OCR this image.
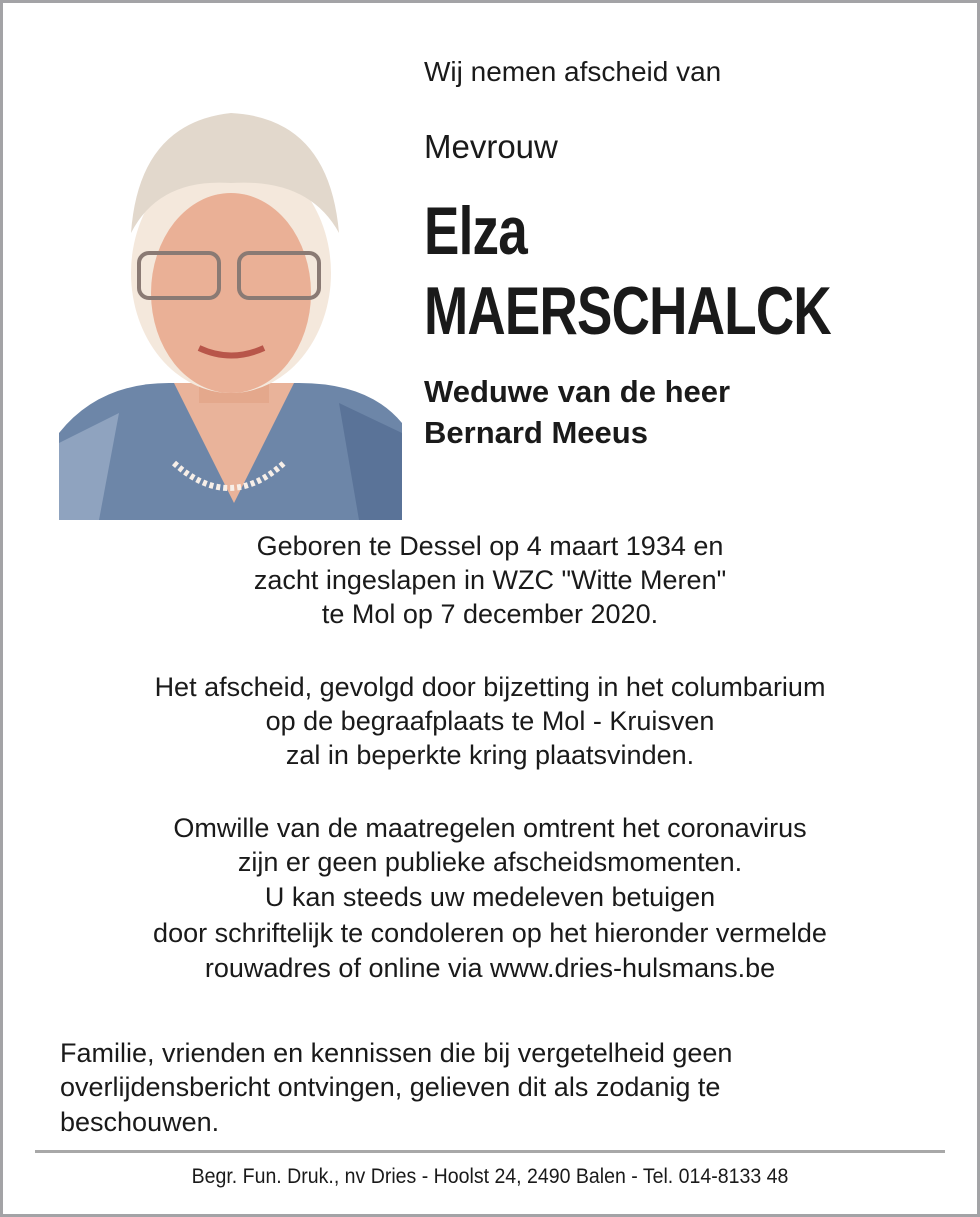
Wij nemen afscheid van
Mevrouw
Elza
MAERSCHALCK
Weduwe van de heer
Bernard Meeus
Geboren te Dessel op 4 maart 1934 en
zacht ingeslapen in WZC "Witte Meren"
te Mol op 7 december 2020.
Het afscheid, gevolgd door bijzetting in het columbarium
op de begraafplaats te Mol - Kruisven
zal in beperkte kring plaatsvinden.
Omwille van de maatregelen omtrent het coronavirus
zijn er geen publieke afscheidsmomenten.
U kan steeds uw medeleven betuigen
door schriftelijk te condoleren op het hieronder vermelde
rouwadres of online via www.dries-hulsmans.be
Familie, vrienden en kennissen die bij vergetelheid geen
overlijdensbericht ontvingen, gelieven dit als zodanig te
beschouwen.
Begr. Fun. Druk., nv Dries - Hoolst 24, 2490 Balen - Tel. 014-8133 48
